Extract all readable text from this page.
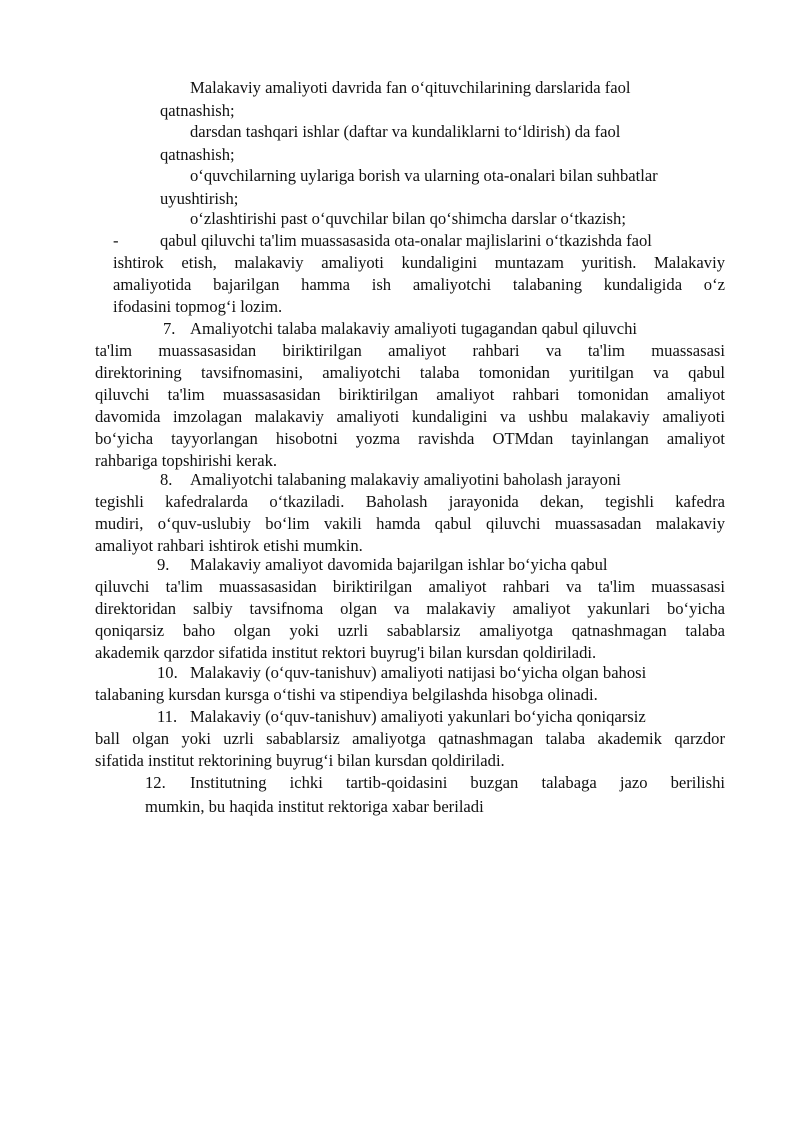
Malakaviy amaliyoti davrida fan o‘qituvchilarining darslarida faol
qatnashish;
darsdan tashqari ishlar (daftar va kundaliklarni to‘ldirish) da faol
qatnashish;
o‘quvchilarning uylariga borish va ularning ota-onalari bilan suhbatlar
uyushtirish;
o‘zlashtirishi past o‘quvchilar bilan qo‘shimcha darslar o‘tkazish;
- qabul qiluvchi ta'lim muassasasida ota-onalar majlislarini o‘tkazishda faol
ishtirok etish, malakaviy amaliyoti kundaligini muntazam yuritish. Malakaviy
amaliyotida bajarilgan hamma ish amaliyotchi talabaning kundaligida o‘z
ifodasini topmog‘i lozim.
7. Amaliyotchi talaba malakaviy amaliyoti tugagandan qabul qiluvchi
ta'lim muassasasidan biriktirilgan amaliyot rahbari va ta'lim muassasasi
direktorining tavsifnomasini, amaliyotchi talaba tomonidan yuritilgan va qabul
qiluvchi ta'lim muassasasidan biriktirilgan amaliyot rahbari tomonidan amaliyot
davomida imzolagan malakaviy amaliyoti kundaligini va ushbu malakaviy amaliyoti
bo‘yicha tayyorlangan hisobotni yozma ravishda OTMdan tayinlangan amaliyot
rahbariga topshirishi kerak.
8. Amaliyotchi talabaning malakaviy amaliyotini baholash jarayoni
tegishli kafedralarda o‘tkaziladi. Baholash jarayonida dekan, tegishli kafedra
mudiri, o‘quv-uslubiy bo‘lim vakili hamda qabul qiluvchi muassasadan malakaviy
amaliyot rahbari ishtirok etishi mumkin.
9. Malakaviy amaliyot davomida bajarilgan ishlar bo‘yicha qabul
qiluvchi ta'lim muassasasidan biriktirilgan amaliyot rahbari va ta'lim muassasasi
direktoridan salbiy tavsifnoma olgan va malakaviy amaliyot yakunlari bo‘yicha
qoniqarsiz baho olgan yoki uzrli sabablarsiz amaliyotga qatnashmagan talaba
akademik qarzdor sifatida institut rektori buyrug'i bilan kursdan qoldiriladi.
10. Malakaviy (o‘quv-tanishuv) amaliyoti natijasi bo‘yicha olgan bahosi
talabaning kursdan kursga o‘tishi va stipendiya belgilashda hisobga olinadi.
11. Malakaviy (o‘quv-tanishuv) amaliyoti yakunlari bo‘yicha qoniqarsiz
ball olgan yoki uzrli sabablarsiz amaliyotga qatnashmagan talaba akademik qarzdor
sifatida institut rektorining buyrug‘i bilan kursdan qoldiriladi.
12. Institutning ichki tartib-qoidasini buzgan talabaga jazo berilishi
mumkin, bu haqida institut rektoriga xabar beriladi
